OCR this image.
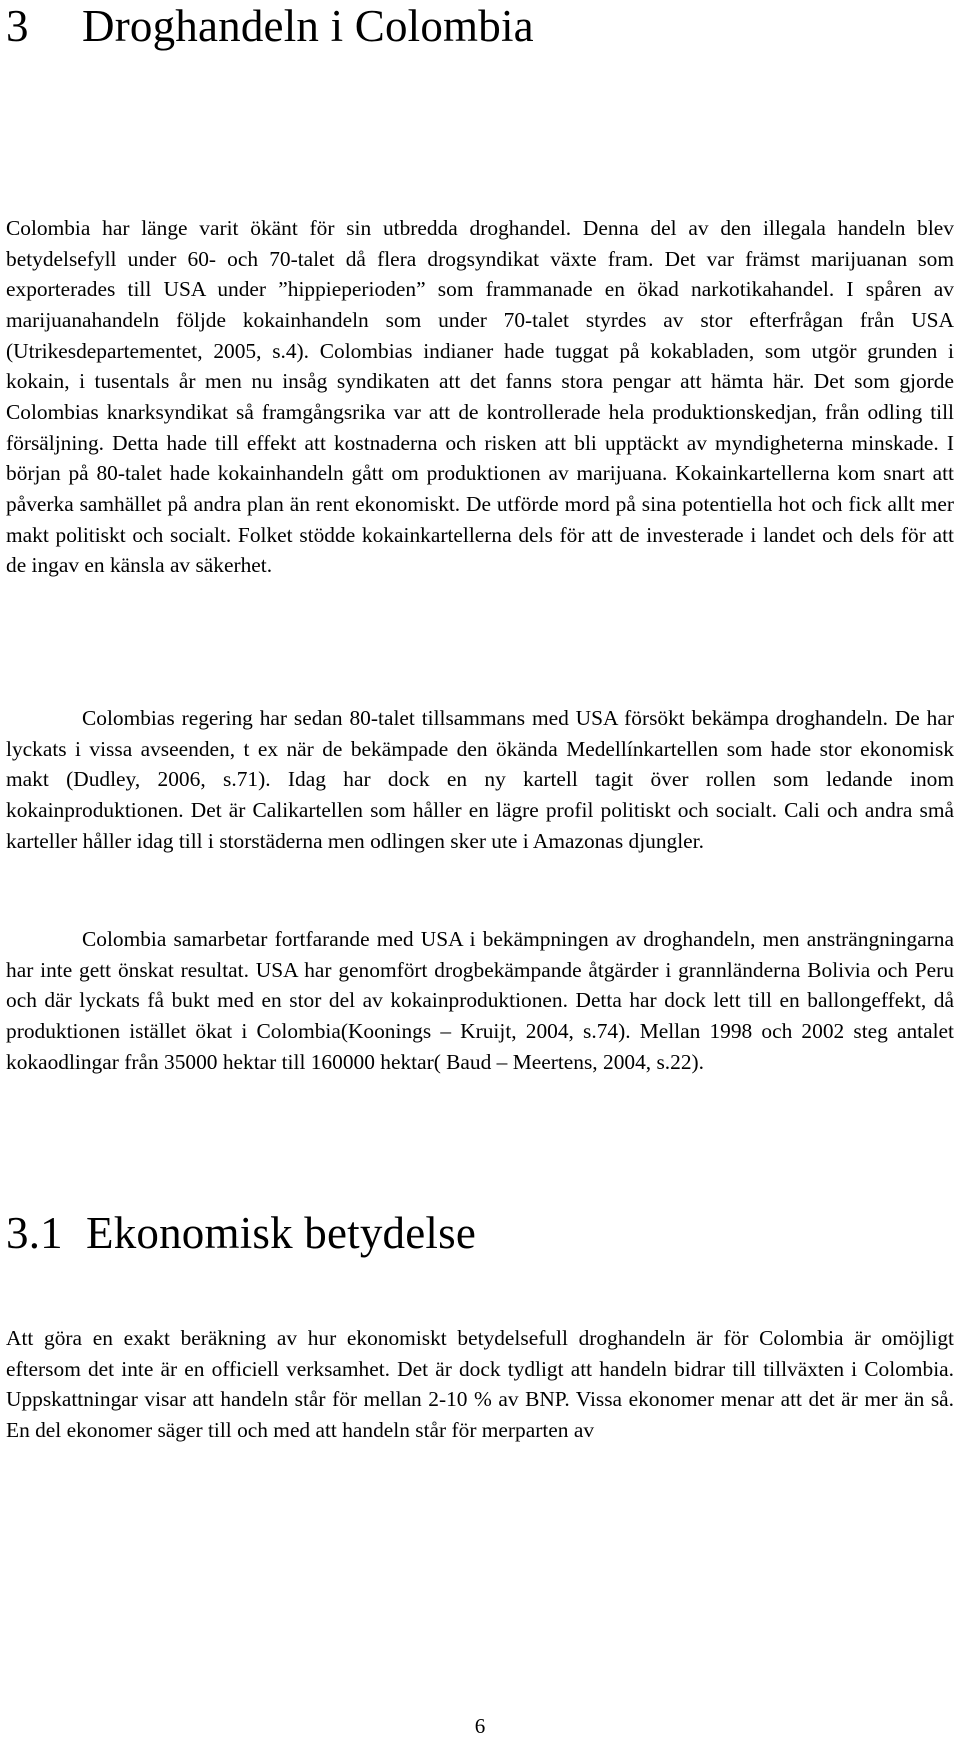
3 Droghandeln i Colombia

Colombia har länge varit ökänt för sin utbredda droghandel. Denna del av den illegala handeln blev betydelsefyll under 60- och 70-talet då flera drogsyndikat växte fram. Det var främst marijuanan som exporterades till USA under ”hippieperioden” som frammanade en ökad narkotikahandel. I spåren av marijuanahandeln följde kokainhandeln som under 70-talet styrdes av stor efterfrågan från USA (Utrikesdepartementet, 2005, s.4). Colombias indianer hade tuggat på kokabladen, som utgör grunden i kokain, i tusentals år men nu insåg syndikaten att det fanns stora pengar att hämta här. Det som gjorde Colombias knarksyndikat så framgångsrika var att de kontrollerade hela produktionskedjan, från odling till försäljning. Detta hade till effekt att kostnaderna och risken att bli upptäckt av myndigheterna minskade. I början på 80-talet hade kokainhandeln gått om produktionen av marijuana. Kokainkartellerna kom snart att påverka samhället på andra plan än rent ekonomiskt. De utförde mord på sina potentiella hot och fick allt mer makt politiskt och socialt. Folket stödde kokainkartellerna dels för att de investerade i landet och dels för att de ingav en känsla av säkerhet.

Colombias regering har sedan 80-talet tillsammans med USA försökt bekämpa droghandeln. De har lyckats i vissa avseenden, t ex när de bekämpade den ökända Medellínkartellen som hade stor ekonomisk makt (Dudley, 2006, s.71). Idag har dock en ny kartell tagit över rollen som ledande inom kokainproduktionen. Det är Calikartellen som håller en lägre profil politiskt och socialt. Cali och andra små karteller håller idag till i storstäderna men odlingen sker ute i Amazonas djungler.

Colombia samarbetar fortfarande med USA i bekämpningen av droghandeln, men ansträngningarna har inte gett önskat resultat. USA har genomfört drogbekämpande åtgärder i grannländerna Bolivia och Peru och där lyckats få bukt med en stor del av kokainproduktionen. Detta har dock lett till en ballongeffekt, då produktionen istället ökat i Colombia(Koonings – Kruijt, 2004, s.74). Mellan 1998 och 2002 steg antalet kokaodlingar från 35000 hektar till 160000 hektar( Baud – Meertens, 2004, s.22).

3.1 Ekonomisk betydelse

Att göra en exakt beräkning av hur ekonomiskt betydelsefull droghandeln är för Colombia är omöjligt eftersom det inte är en officiell verksamhet. Det är dock tydligt att handeln bidrar till tillväxten i Colombia. Uppskattningar visar att handeln står för mellan 2-10 % av BNP. Vissa ekonomer menar att det är mer än så. En del ekonomer säger till och med att handeln står för merparten av

6
